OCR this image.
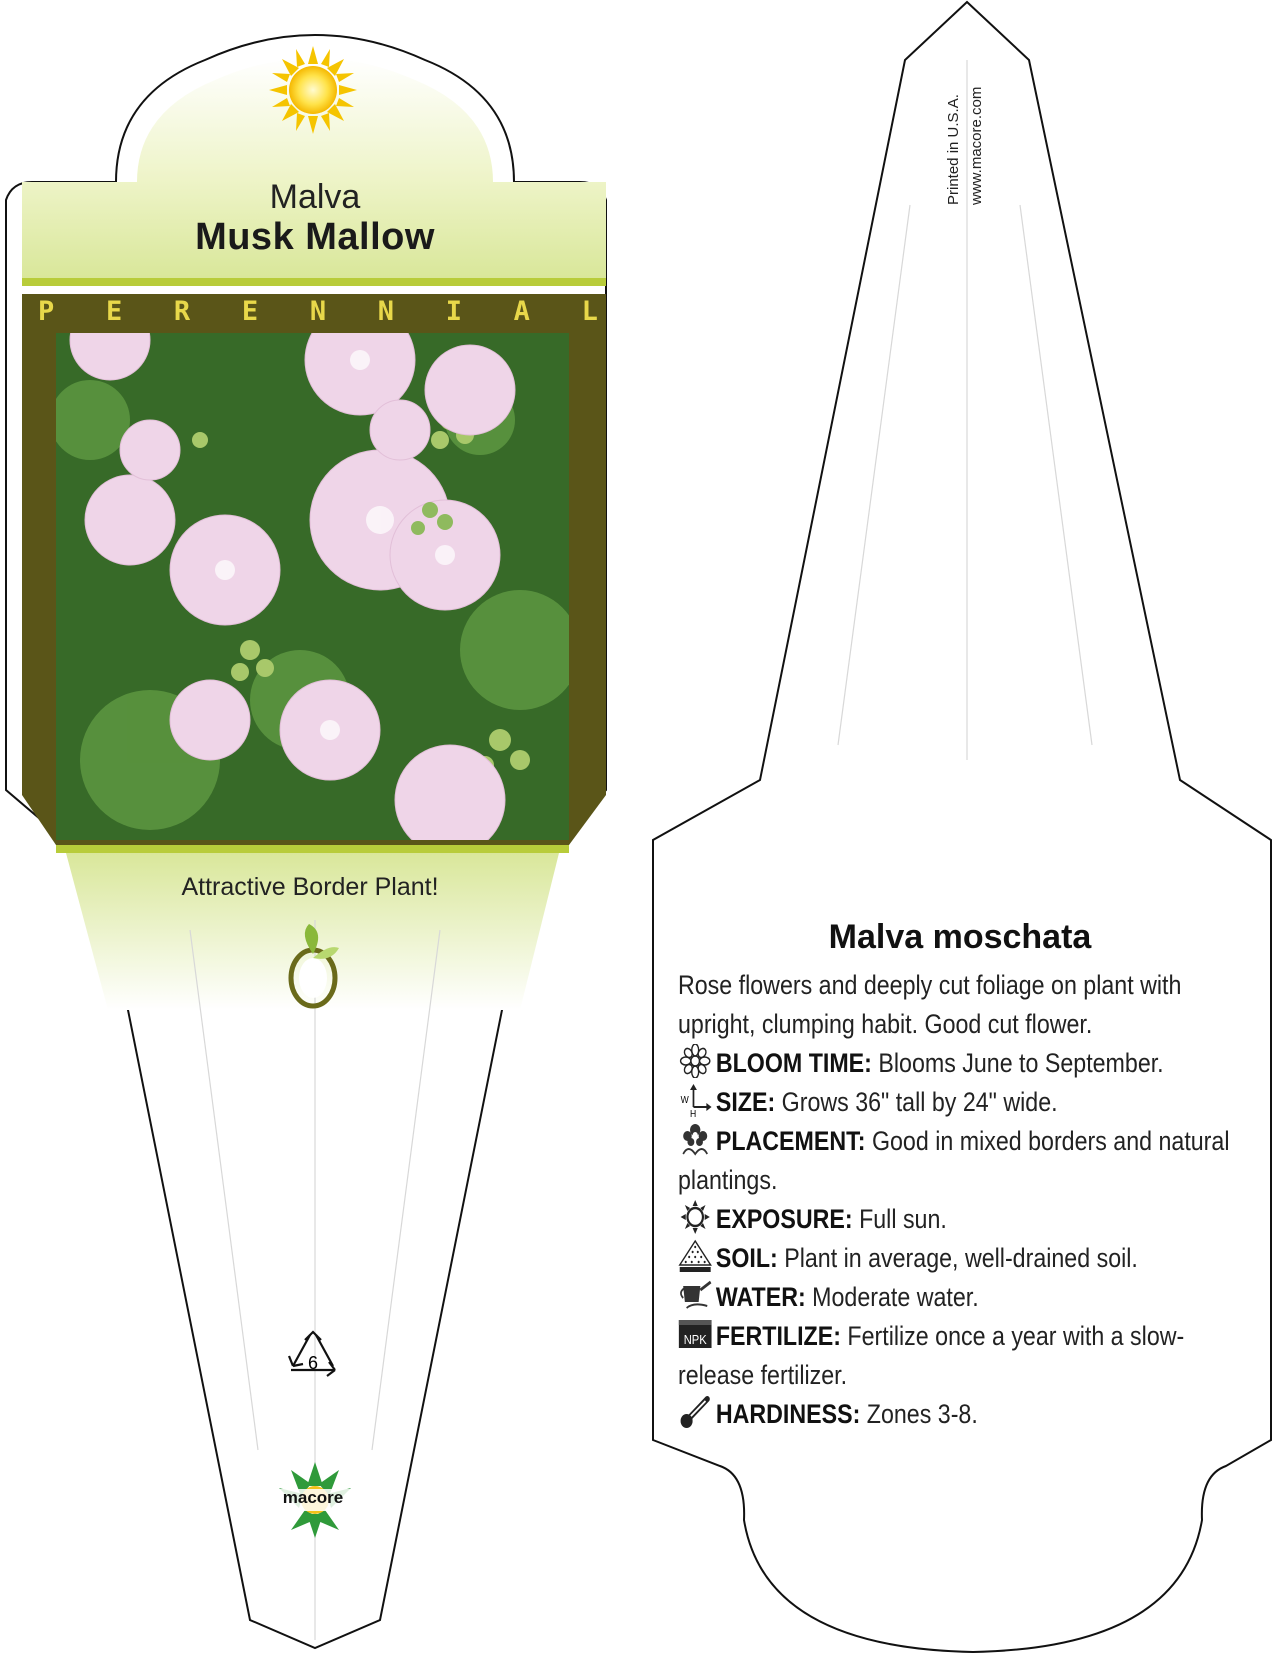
Malva
Musk Mallow
P E R E N N I A L
Attractive Border Plant!
6
macore
Printed in U.S.A. www.macore.com
Malva moschata
Rose flowers and deeply cut foliage on plant with upright, clumping habit. Good cut flower.
BLOOM TIME: Blooms June to September.
W
H SIZE: Grows 36" tall by 24" wide.
PLACEMENT: Good in mixed borders and natural plantings.
EXPOSURE: Full sun.
SOIL: Plant in average, well-drained soil.
WATER: Moderate water.
NPK FERTILIZE: Fertilize once a year with a slow-release fertilizer.
HARDINESS: Zones 3-8.
